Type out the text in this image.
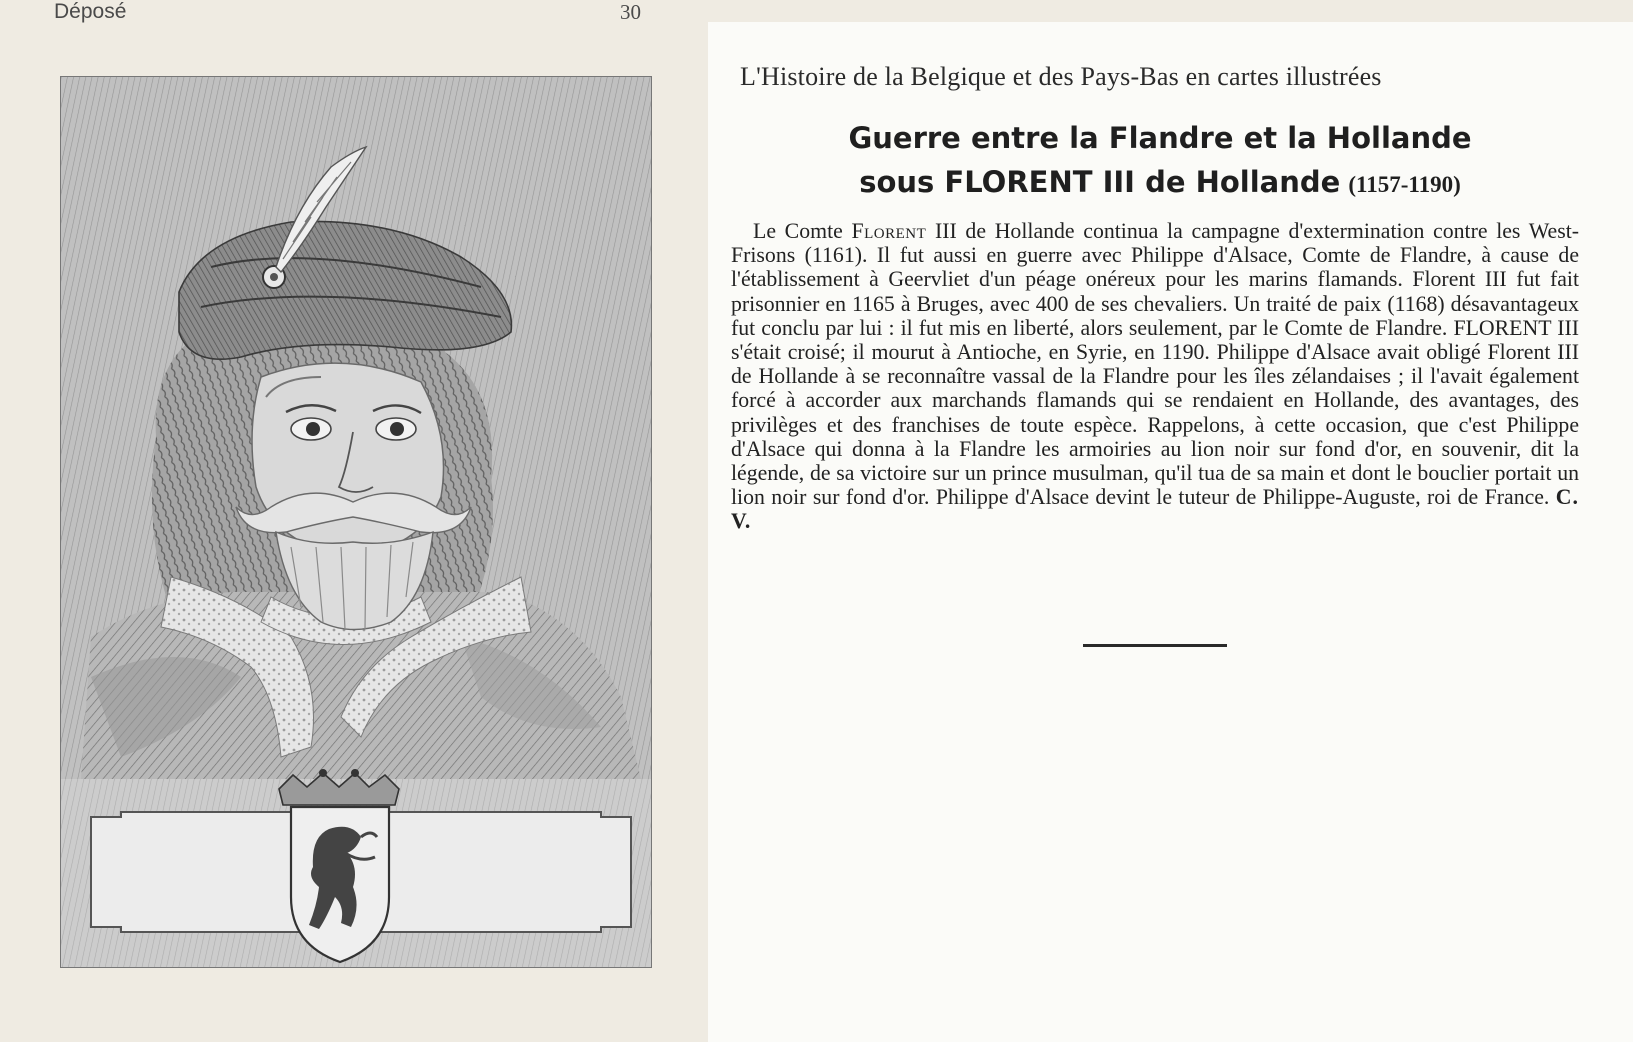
Déposé	30
L'Histoire de la Belgique et des Pays-Bas en cartes illustrées
Guerre entre la Flandre et la Hollande
sous FLORENT III de Hollande (1157-1190)

Le Comte Florent III de Hollande continua la campagne d'extermination contre les West-Frisons (1161). Il fut aussi en guerre avec Philippe d'Alsace, Comte de Flandre, à cause de l'établissement à Geervliet d'un péage onéreux pour les marins flamands. Florent III fut fait prisonnier en 1165 à Bruges, avec 400 de ses chevaliers. Un traité de paix (1168) désavantageux fut conclu par lui : il fut mis en liberté, alors seulement, par le Comte de Flandre. FLORENT III s'était croisé; il mourut à Antioche, en Syrie, en 1190. Philippe d'Alsace avait obligé Florent III de Hollande à se reconnaître vassal de la Flandre pour les îles zélandaises ; il l'avait également forcé à accorder aux marchands flamands qui se rendaient en Hollande, des avantages, des privilèges et des franchises de toute espèce. Rappelons, à cette occasion, que c'est Philippe d'Alsace qui donna à la Flandre les armoiries au lion noir sur fond d'or, en souvenir, dit la légende, de sa victoire sur un prince musulman, qu'il tua de sa main et dont le bouclier portait un lion noir sur fond d'or. Philippe d'Alsace devint le tuteur de Philippe-Auguste, roi de France. C. V.
